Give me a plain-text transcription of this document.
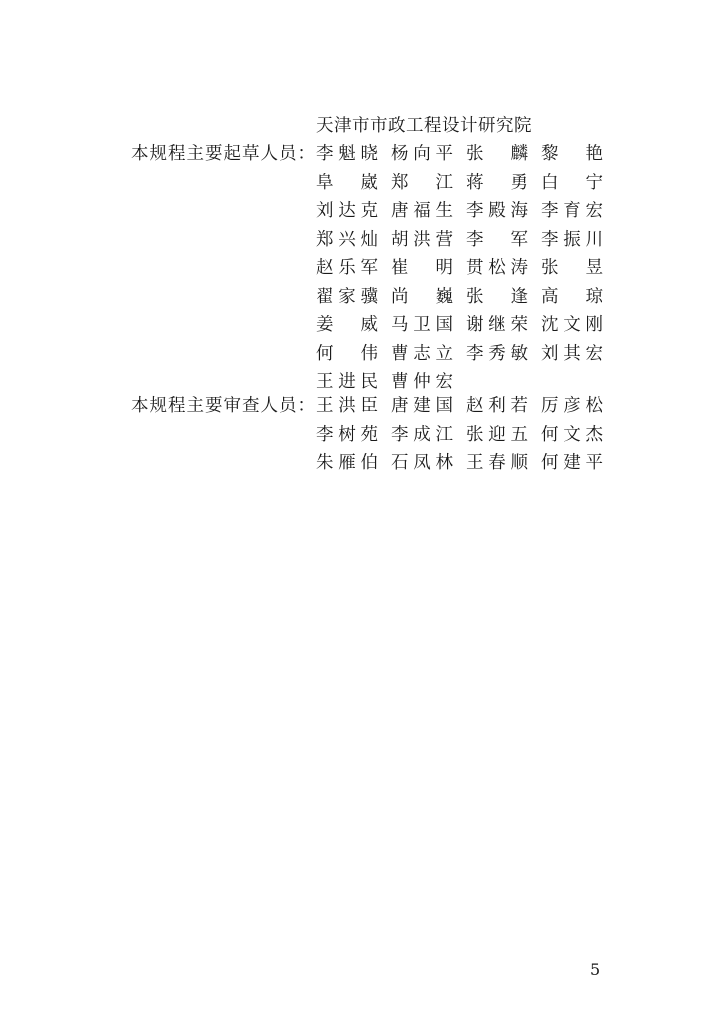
天津市市政工程设计研究院
本规程主要起草人员： 李 魁 晓 杨 向 平 张 麟 黎 艳
阜 崴 郑 江 蒋 勇 白 宁
刘 达 克 唐 福 生 李 殿 海 李 育 宏
郑 兴 灿 胡 洪 营 李 军 李 振 川
赵 乐 军 崔 明 贯 松 涛 张 昱
翟 家 骥 尚 巍 张 逢 高 琼
姜 威 马 卫 国 谢 继 荣 沈 文 刚
何 伟 曹 志 立 李 秀 敏 刘 其 宏
王 进 民 曹 仲 宏
本规程主要审查人员： 王 洪 臣 唐 建 国 赵 利 若 厉 彦 松
李 树 苑 李 成 江 张 迎 五 何 文 杰
朱 雁 伯 石 凤 林 王 春 顺 何 建 平
5
